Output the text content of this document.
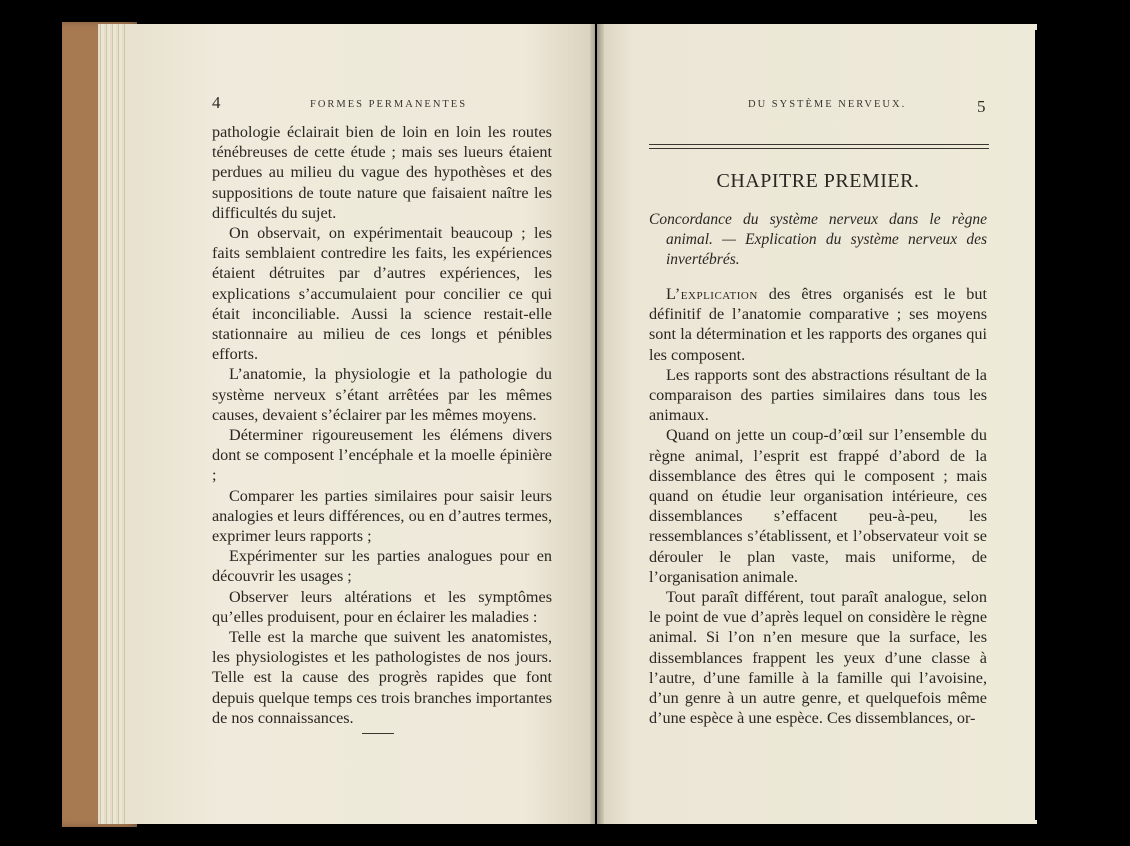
4	FORMES PERMANENTES

pathologie éclairait bien de loin en loin les routes ténébreuses de cette étude ; mais ses lueurs étaient perdues au milieu du vague des hypothèses et des suppositions de toute nature que faisaient naître les difficultés du sujet.

On observait, on expérimentait beaucoup ; les faits semblaient contredire les faits, les expériences étaient détruites par d’autres expériences, les explications s’accumulaient pour concilier ce qui était inconciliable. Aussi la science restait-elle stationnaire au milieu de ces longs et pénibles efforts.

L’anatomie, la physiologie et la pathologie du système nerveux s’étant arrêtées par les mêmes causes, devaient s’éclairer par les mêmes moyens.

Déterminer rigoureusement les élémens divers dont se composent l’encéphale et la moelle épinière ;

Comparer les parties similaires pour saisir leurs analogies et leurs différences, ou en d’autres termes, exprimer leurs rapports ;

Expérimenter sur les parties analogues pour en découvrir les usages ;

Observer leurs altérations et les symptômes qu’elles produisent, pour en éclairer les maladies :

Telle est la marche que suivent les anatomistes, les physiologistes et les pathologistes de nos jours. Telle est la cause des progrès rapides que font depuis quelque temps ces trois branches importantes de nos connaissances.

DU SYSTÈME NERVEUX.	5
CHAPITRE PREMIER.
Concordance du système nerveux dans le règne
animal. — Explication du système nerveux des
invertébrés.

L’explication des êtres organisés est le but définitif de l’anatomie comparative ; ses moyens sont la détermination et les rapports des organes qui les composent.

Les rapports sont des abstractions résultant de la comparaison des parties similaires dans tous les animaux.

Quand on jette un coup-d’œil sur l’ensemble du règne animal, l’esprit est frappé d’abord de la dissemblance des êtres qui le composent ; mais quand on étudie leur organisation intérieure, ces dissemblances s’effacent peu-à-peu, les ressemblances s’établissent, et l’observateur voit se dérouler le plan vaste, mais uniforme, de l’organisation animale.

Tout paraît différent, tout paraît analogue, selon le point de vue d’après lequel on considère le règne animal. Si l’on n’en mesure que la surface, les dissemblances frappent les yeux d’une classe à l’autre, d’une famille à la famille qui l’avoisine, d’un genre à un autre genre, et quelquefois même d’une espèce à une espèce. Ces dissemblances, or-
